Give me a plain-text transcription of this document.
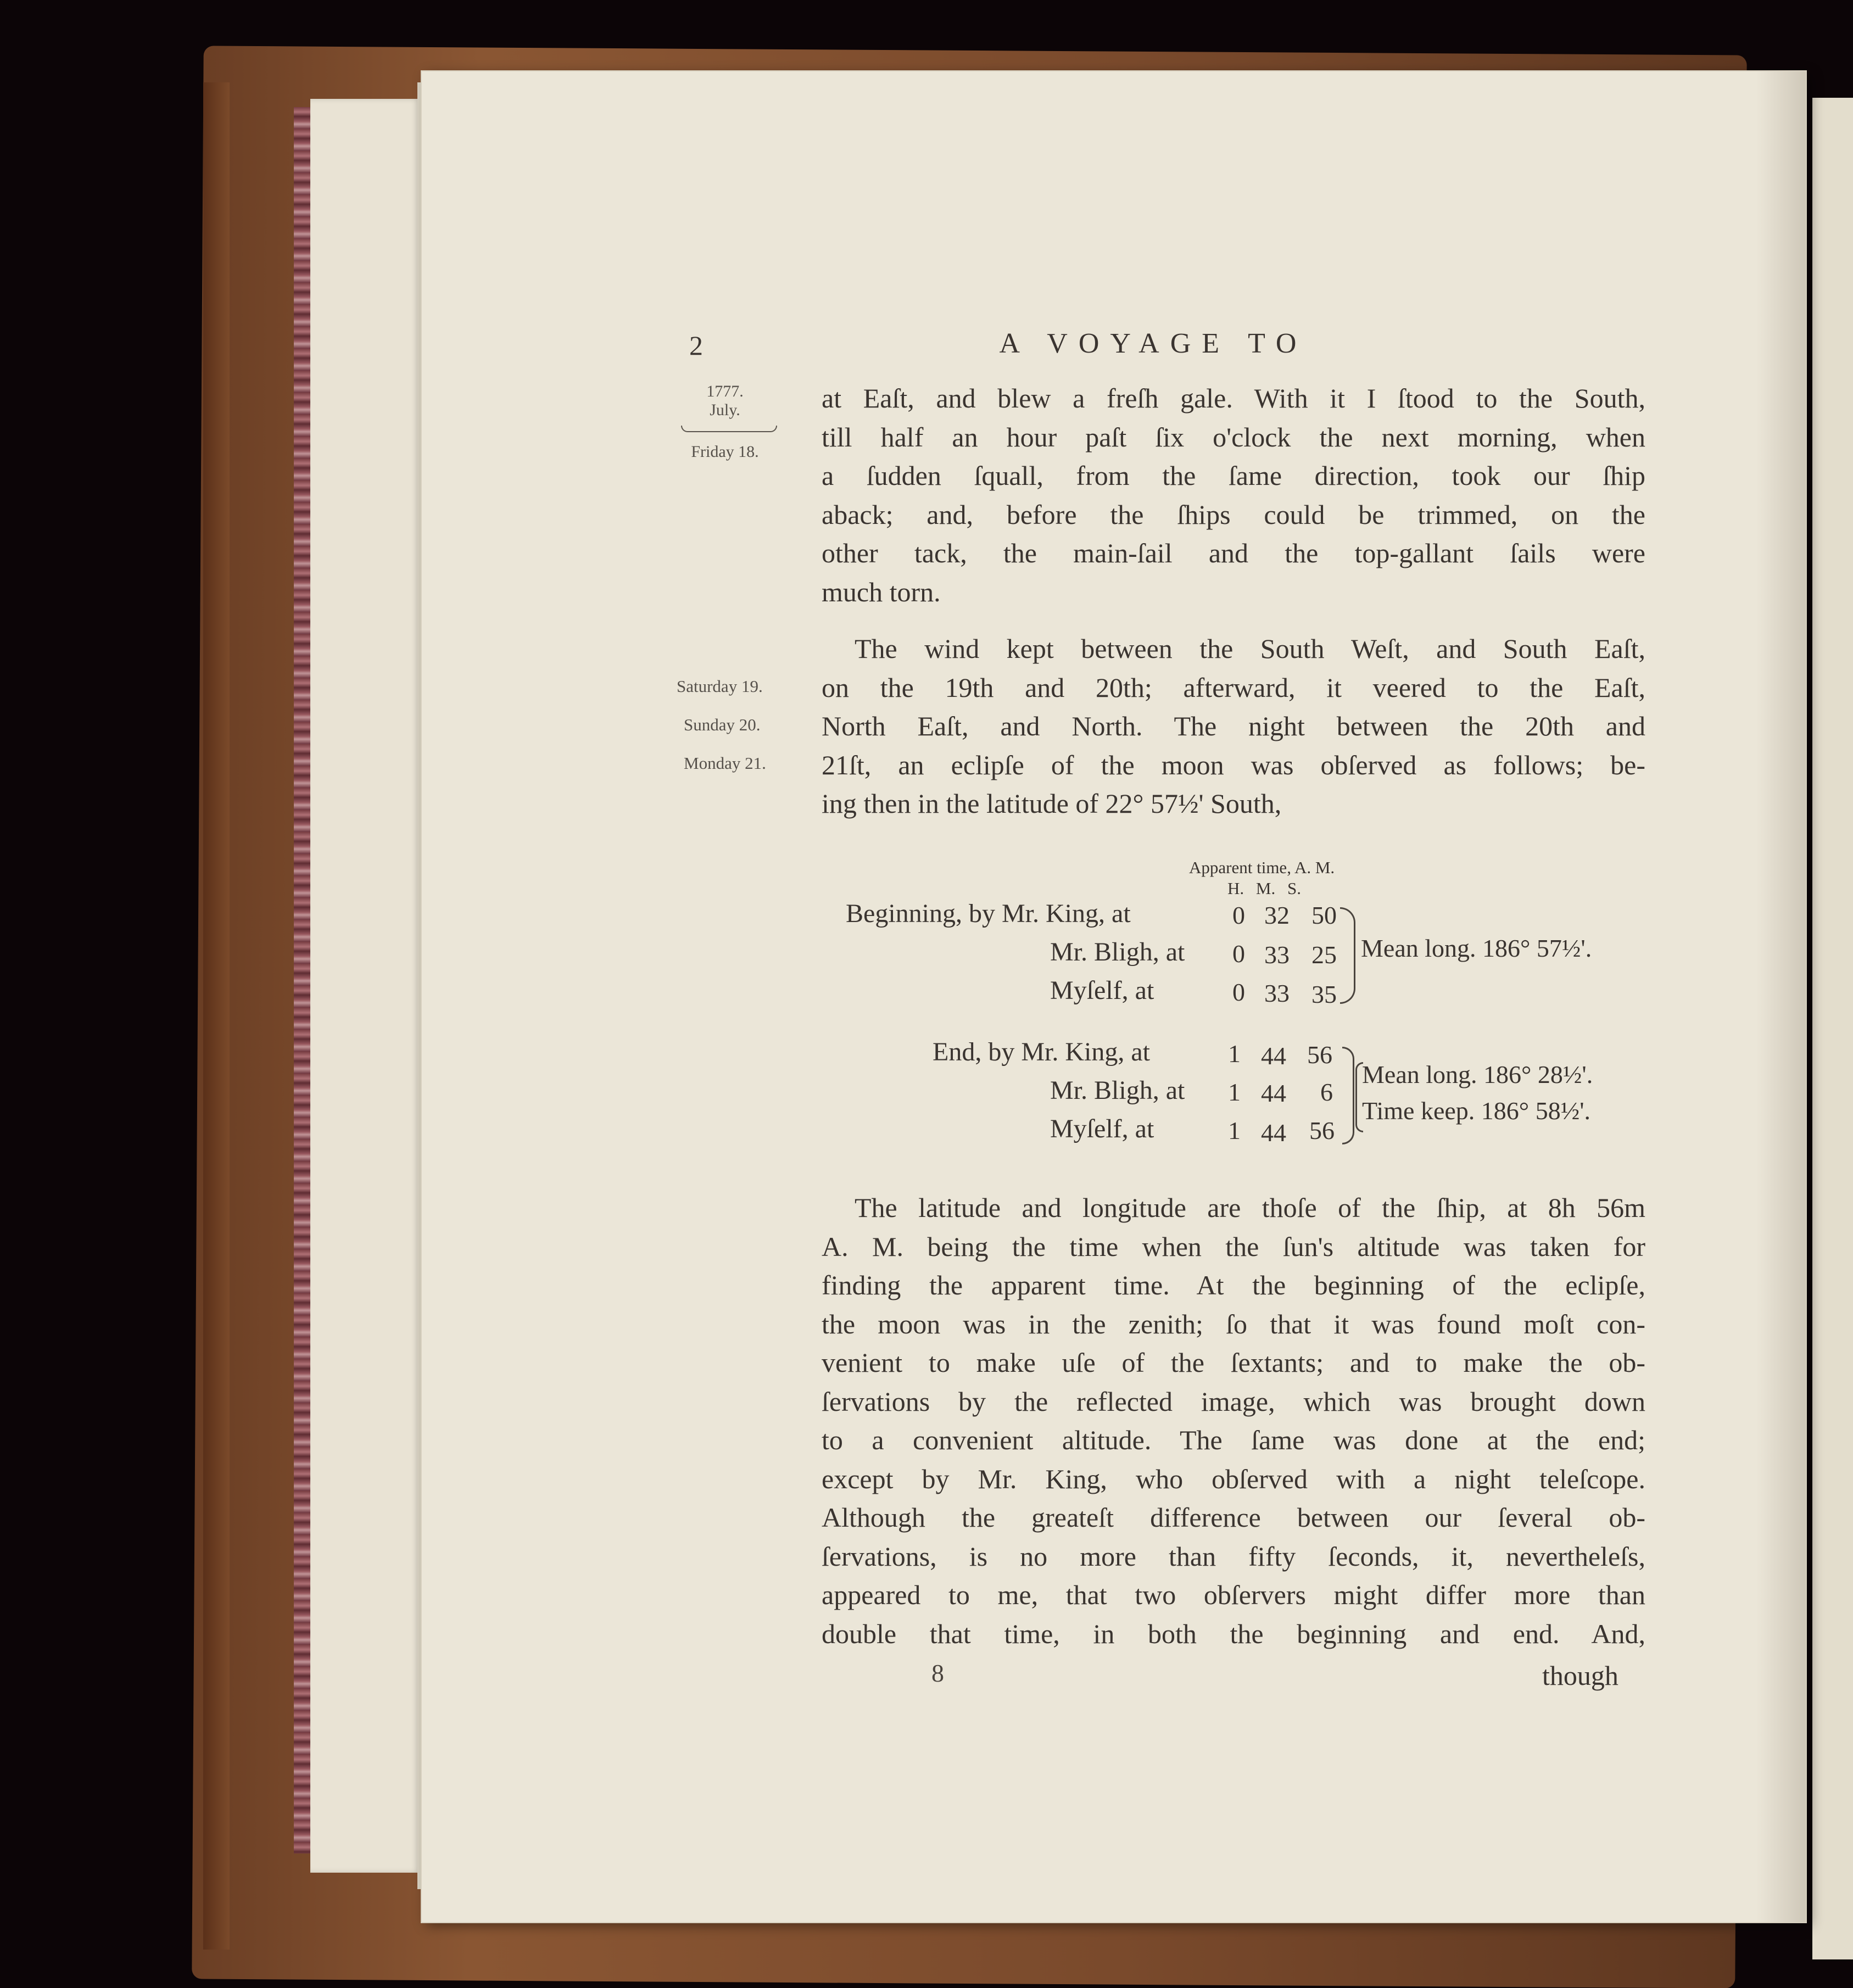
2	A VOYAGE TO
1777.
July.
Friday 18.
Saturday 19.
Sunday 20.
Monday 21.
at Eaſt, and blew a freſh gale. With it I ſtood to the South,
till half an hour paſt ſix o'clock the next morning, when
a ſudden ſquall, from the ſame direction, took our ſhip
aback; and, before the ſhips could be trimmed, on the
other tack, the main-ſail and the top-gallant ſails were
much torn.
The wind kept between the South Weſt, and South Eaſt,
on the 19th and 20th; afterward, it veered to the Eaſt,
North Eaſt, and North. The night between the 20th and
21ſt, an eclipſe of the moon was obſerved as follows; be-
ing then in the latitude of 22° 57½' South,
Apparent time, A. M.
H. M. S.
Beginning, by Mr. King, at
Mr. Bligh, at
Myſelf, at
0 32 50
0 33 25
0 33 35
Mean long. 186° 57½'.
End, by Mr. King, at
Mr. Bligh, at
Myſelf, at
1 44 56
1 44 6
1 44 56
Mean long. 186° 28½'.
Time keep. 186° 58½'.
The latitude and longitude are thoſe of the ſhip, at 8h 56m
A. M. being the time when the ſun's altitude was taken for
finding the apparent time. At the beginning of the eclipſe,
the moon was in the zenith; ſo that it was found moſt con-
venient to make uſe of the ſextants; and to make the ob-
ſervations by the reflected image, which was brought down
to a convenient altitude. The ſame was done at the end;
except by Mr. King, who obſerved with a night teleſcope.
Although the greateſt difference between our ſeveral ob-
ſervations, is no more than fifty ſeconds, it, nevertheleſs,
appeared to me, that two obſervers might differ more than
double that time, in both the beginning and end. And,
8	though
